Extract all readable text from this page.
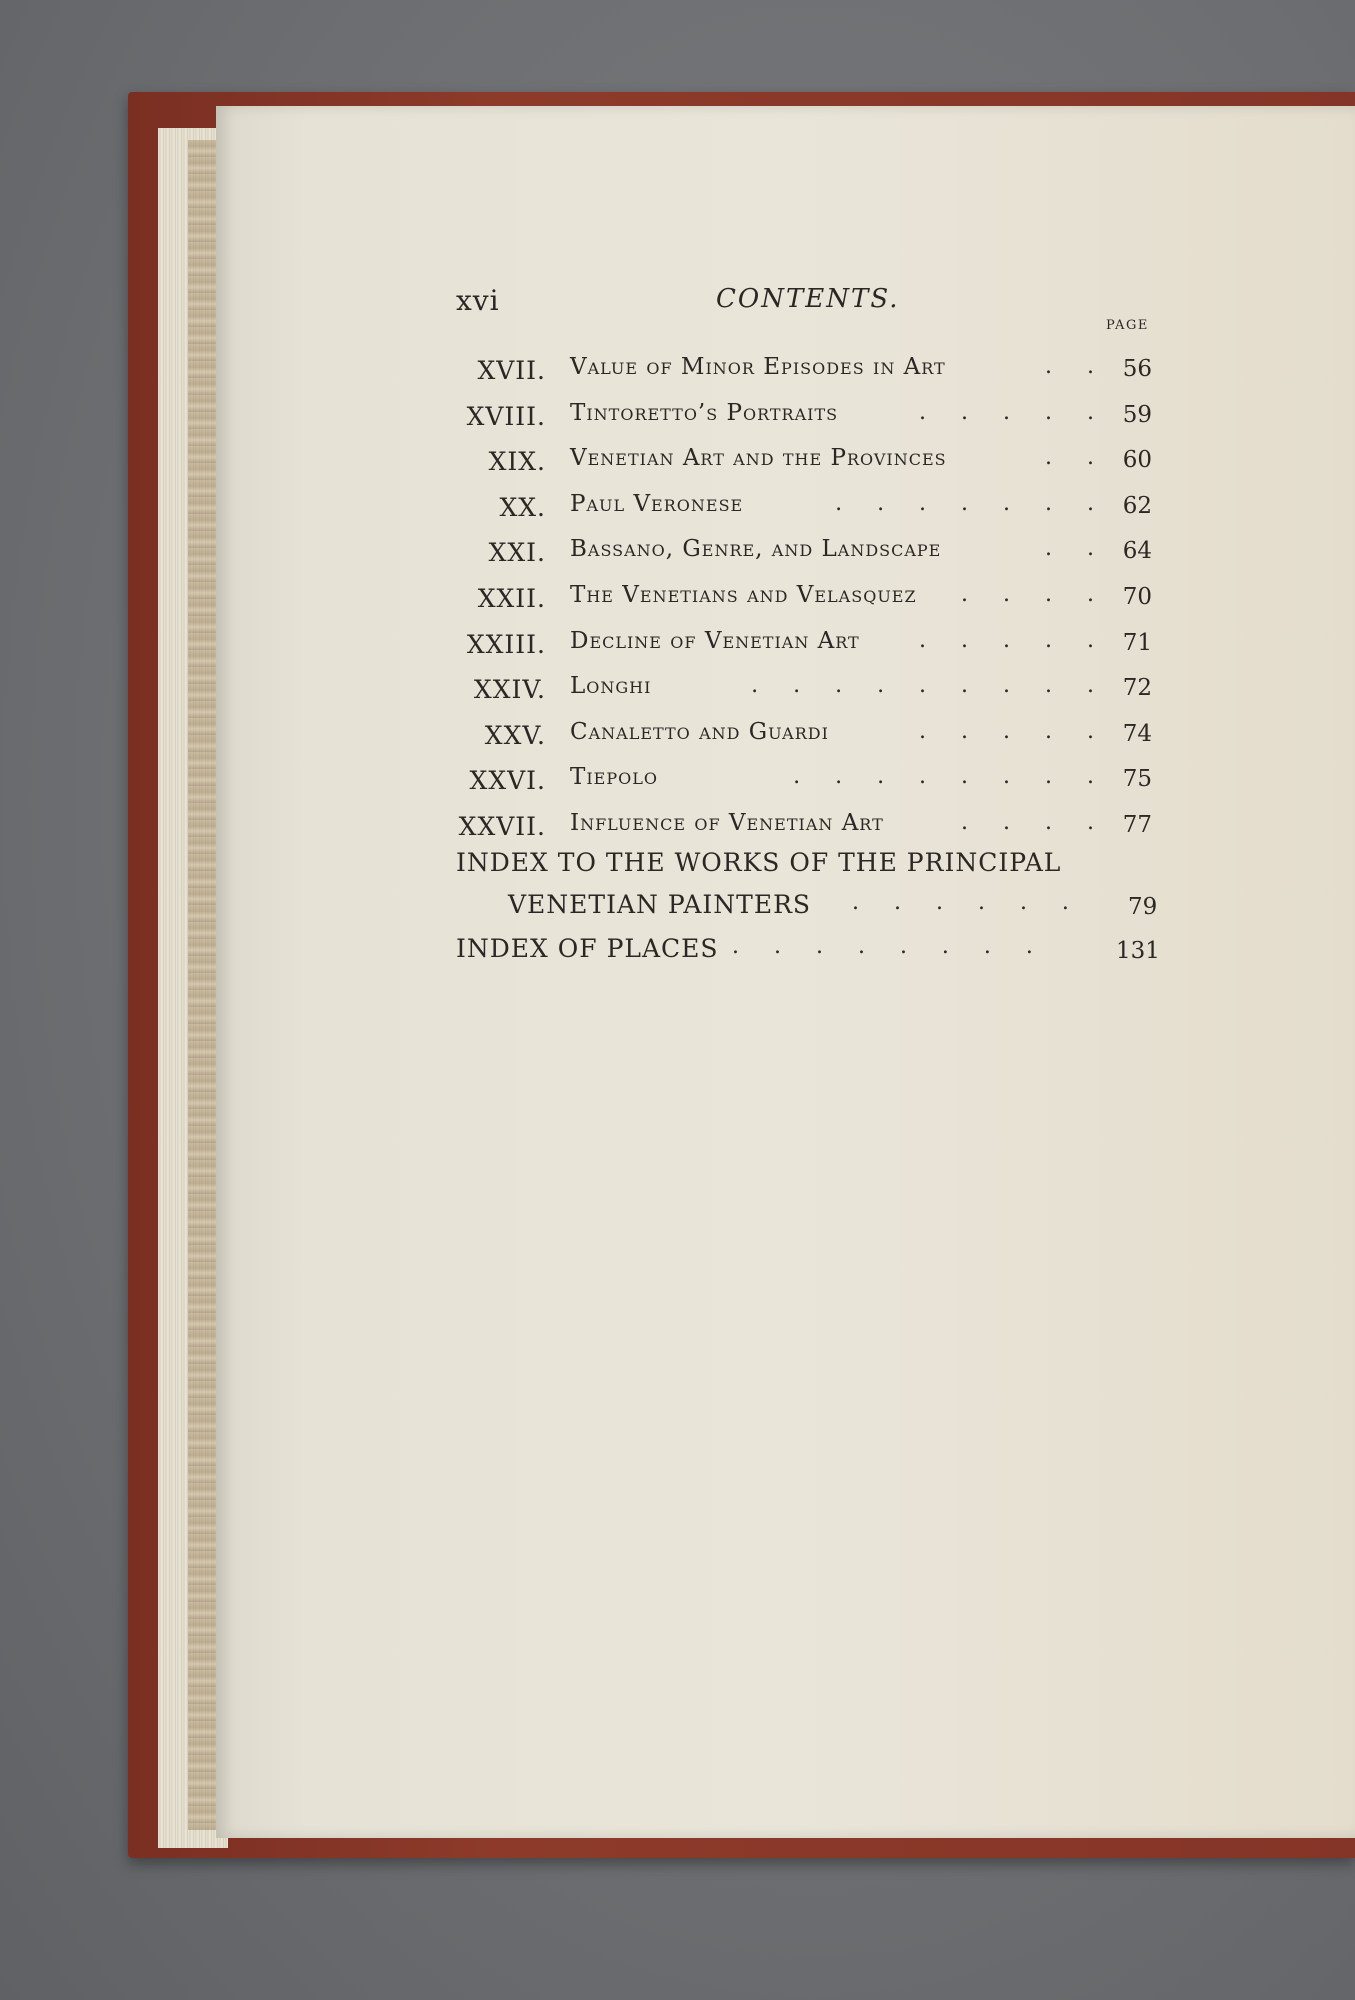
xvi	CONTENTS.
PAGE
XVII. Value of Minor Episodes in Art	. . 56
XVIII. Tintoretto’s Portraits	. . . . . 59
XIX. Venetian Art and the Provinces	. . 60
XX. Paul Veronese	. . . . . . . 62
XXI. Bassano, Genre, and Landscape	. . 64
XXII. The Venetians and Velasquez . . . . 70
XXIII. Decline of Venetian Art	. . . . . 71
XXIV. Longhi	. . . . . . . . . 72
XXV. Canaletto and Guardi	. . . . . 74
XXVI. Tiepolo	. . . . . . . . 75
XXVII. Influence of Venetian Art	. . . . 77
INDEX TO THE WORKS OF THE PRINCIPAL
VENETIAN PAINTERS . . . . . . 79
INDEX OF PLACES . . . . . . . .	131
